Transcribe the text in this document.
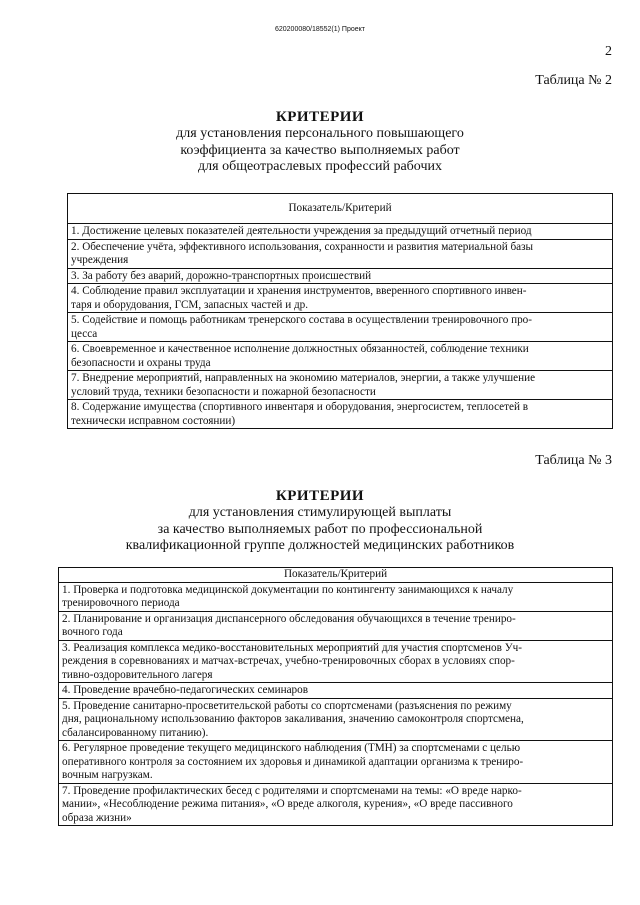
620200080/18552(1) Проект
2
Таблица № 2
КРИТЕРИИ
для установления персонального повышающего
коэффициента за качество выполняемых работ
для общеотраслевых профессий рабочих
Показатель/Критерий

1. Достижение целевых показателей деятельности учреждения за предыдущий отчетный период

2. Обеспечение учёта, эффективного использования, сохранности и развития материальной базы
учреждения

3. За работу без аварий, дорожно-транспортных происшествий

4. Соблюдение правил эксплуатации и хранения инструментов, вверенного спортивного инвен-
таря и оборудования, ГСМ, запасных частей и др.

5. Содействие и помощь работникам тренерского состава в осуществлении тренировочного про-
цесса

6. Своевременное и качественное исполнение должностных обязанностей, соблюдение техники
безопасности и охраны труда

7. Внедрение мероприятий, направленных на экономию материалов, энергии, а также улучшение
условий труда, техники безопасности и пожарной безопасности

8. Содержание имущества (спортивного инвентаря и оборудования, энергосистем, теплосетей в
технически исправном состоянии)
Таблица № 3
КРИТЕРИИ
для установления стимулирующей выплаты
за качество выполняемых работ по профессиональной
квалификационной группе должностей медицинских работников
Показатель/Критерий

1. Проверка и подготовка медицинской документации по контингенту занимающихся к началу
тренировочного периода

2. Планирование и организация диспансерного обследования обучающихся в течение трениро-
вочного года

3. Реализация комплекса медико-восстановительных мероприятий для участия спортсменов Уч-
реждения в соревнованиях и матчах-встречах, учебно-тренировочных сборах в условиях спор-
тивно-оздоровительного лагеря

4. Проведение врачебно-педагогических семинаров

5. Проведение санитарно-просветительской работы со спортсменами (разъяснения по режиму
дня, рациональному использованию факторов закаливания, значению самоконтроля спортсмена,
сбалансированному питанию).

6. Регулярное проведение текущего медицинского наблюдения (ТМН) за спортсменами с целью
оперативного контроля за состоянием их здоровья и динамикой адаптации организма к трениро-
вочным нагрузкам.

7. Проведение профилактических бесед с родителями и спортсменами на темы: «О вреде нарко-
мании», «Несоблюдение режима питания», «О вреде алкоголя, курения», «О вреде пассивного
образа жизни»
